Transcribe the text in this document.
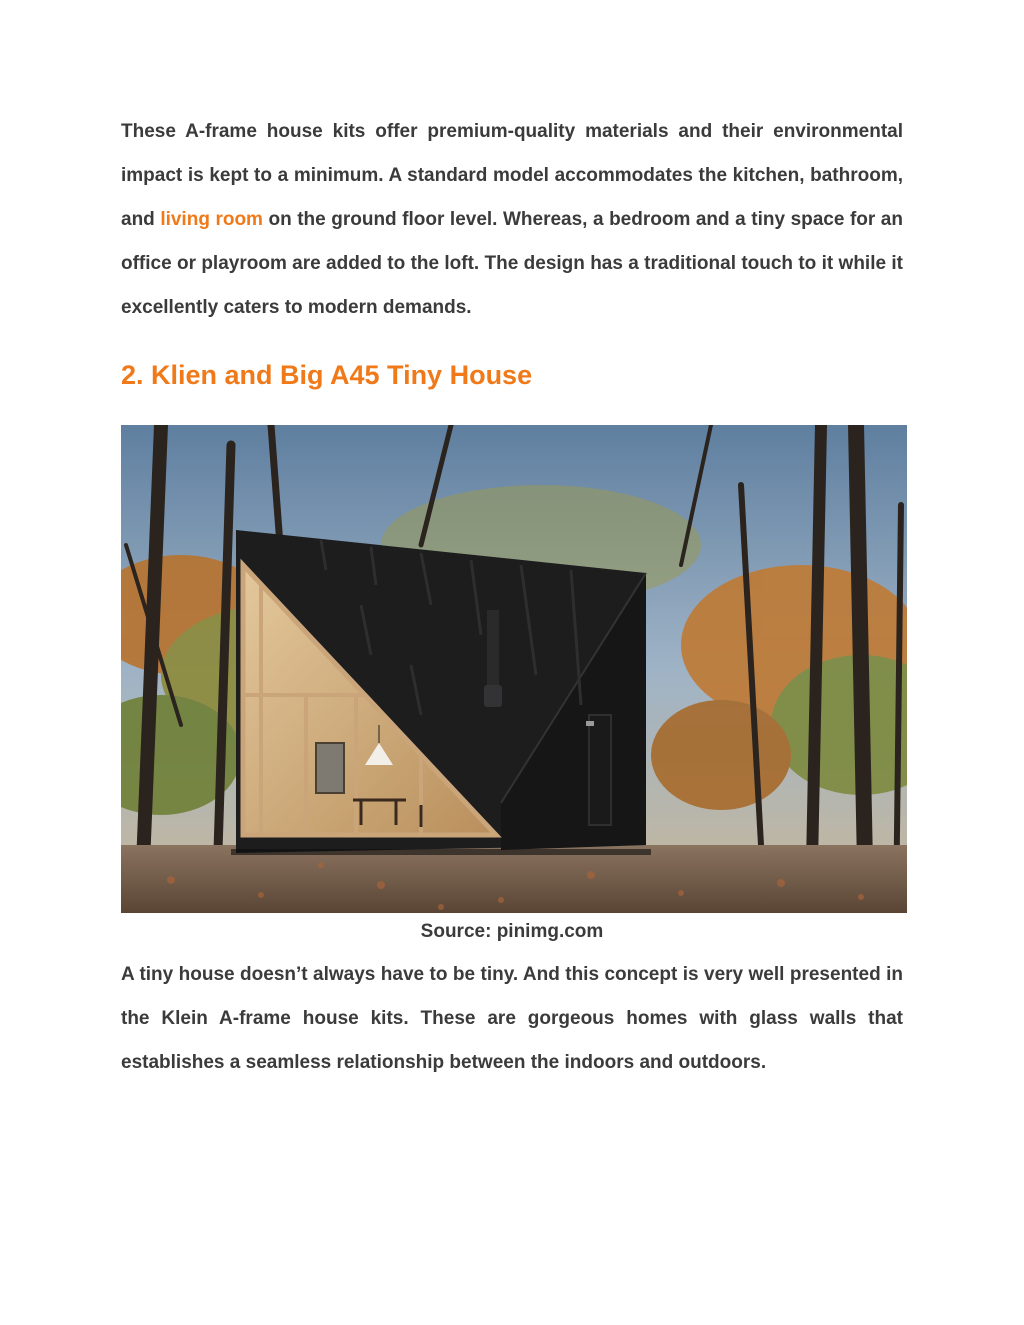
These A-frame house kits offer premium-quality materials and their environmental impact is kept to a minimum. A standard model accommodates the kitchen, bathroom, and living room on the ground floor level. Whereas, a bedroom and a tiny space for an office or playroom are added to the loft. The design has a traditional touch to it while it excellently caters to modern demands.

2. Klien and Big A45 Tiny House

Source: pinimg.com

A tiny house doesn’t always have to be tiny. And this concept is very well presented in the Klein A-frame house kits. These are gorgeous homes with glass walls that establishes a seamless relationship between the indoors and outdoors.
